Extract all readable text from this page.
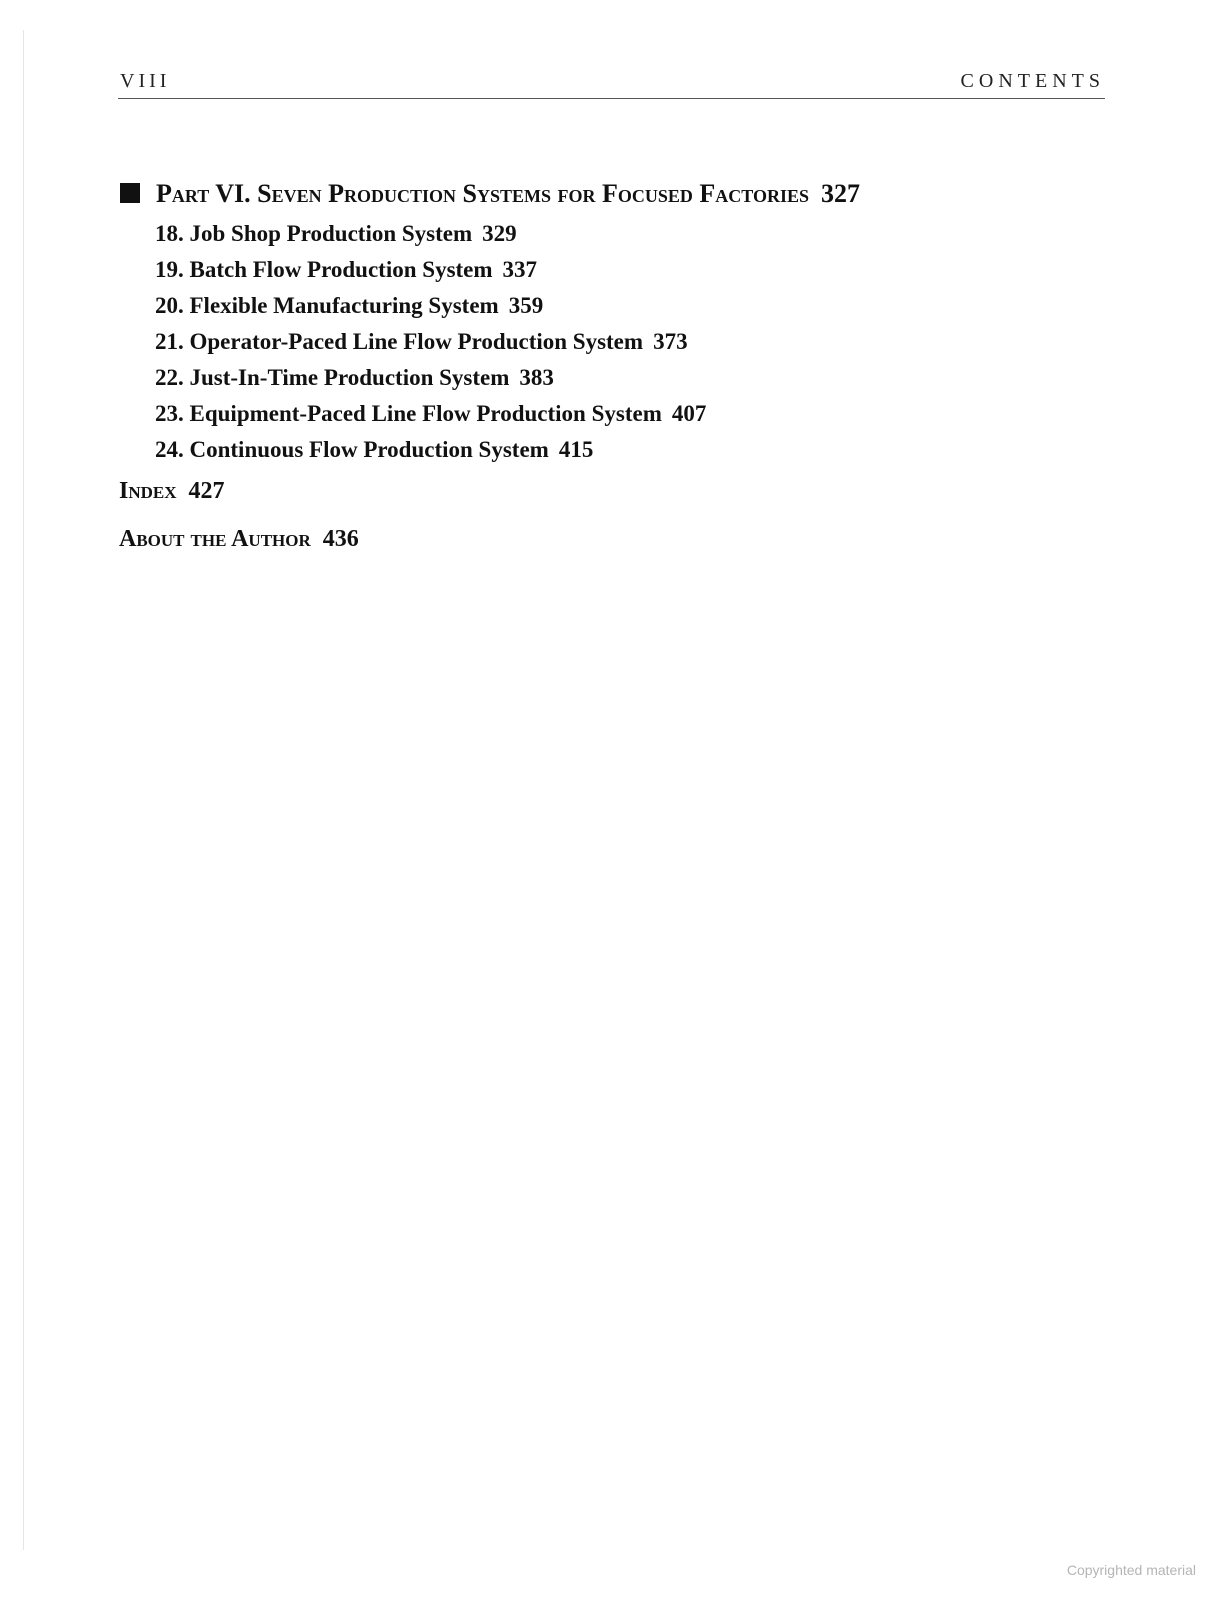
VIII	CONTENTS
Part VI. Seven Production Systems for Focused Factories 327
18. Job Shop Production System 329
19. Batch Flow Production System 337
20. Flexible Manufacturing System 359
21. Operator-Paced Line Flow Production System 373
22. Just-In-Time Production System 383
23. Equipment-Paced Line Flow Production System 407
24. Continuous Flow Production System 415
Index 427
About the Author 436
Copyrighted material
